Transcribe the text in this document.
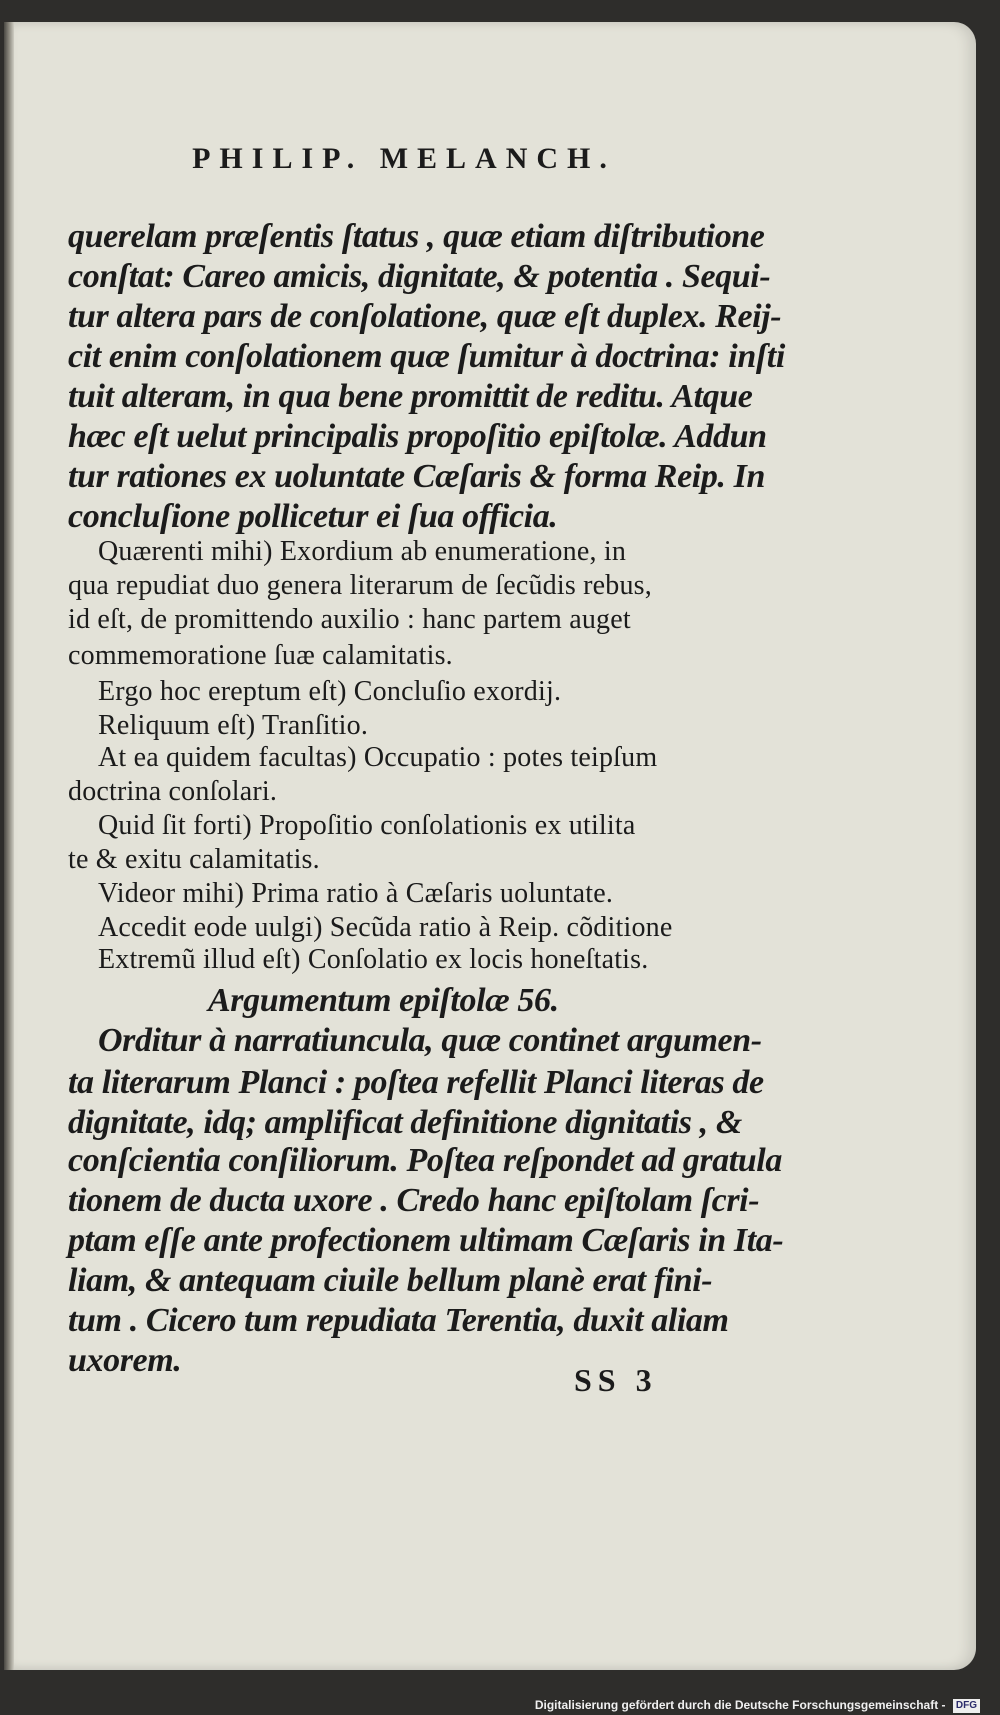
PHILIP. MELANCH.
querelam præſentis ſtatus , quæ etiam diſtributione
conſtat: Careo amicis, dignitate, & potentia . Sequi-
tur altera pars de conſolatione, quæ eſt duplex. Reij-
cit enim conſolationem quæ ſumitur à doctrina: inſti
tuit alteram, in qua bene promittit de reditu. Atque
hæc eſt uelut principalis propoſitio epiſtolæ. Addun
tur rationes ex uoluntate Cæſaris & forma Reip. In
concluſione pollicetur ei ſua officia.
Quærenti mihi) Exordium ab enumeratione, in
qua repudiat duo genera literarum de ſecũdis rebus,
id eſt, de promittendo auxilio : hanc partem auget
commemoratione ſuæ calamitatis.
Ergo hoc ereptum eſt) Concluſio exordij.
Reliquum eſt) Tranſitio.
At ea quidem facultas) Occupatio : potes teipſum
doctrina conſolari.
Quid ſit forti) Propoſitio conſolationis ex utilita
te & exitu calamitatis.
Videor mihi) Prima ratio à Cæſaris uoluntate.
Accedit eode uulgi) Secũda ratio à Reip. cõditione
Extremũ illud eſt) Conſolatio ex locis honeſtatis.
Argumentum epiſtolæ 56.
Orditur à narratiuncula, quæ continet argumen-
ta literarum Planci : poſtea refellit Planci literas de
dignitate, idq; amplificat definitione dignitatis , &
conſcientia conſiliorum. Poſtea reſpondet ad gratula
tionem de ducta uxore . Credo hanc epiſtolam ſcri-
ptam eſſe ante profectionem ultimam Cæſaris in Ita-
liam, & antequam ciuile bellum planè erat fini-
tum . Cicero tum repudiata Terentia, duxit aliam
uxorem.
SS 3
Digitalisierung gefördert durch die Deutsche Forschungsgemeinschaft - DFG
